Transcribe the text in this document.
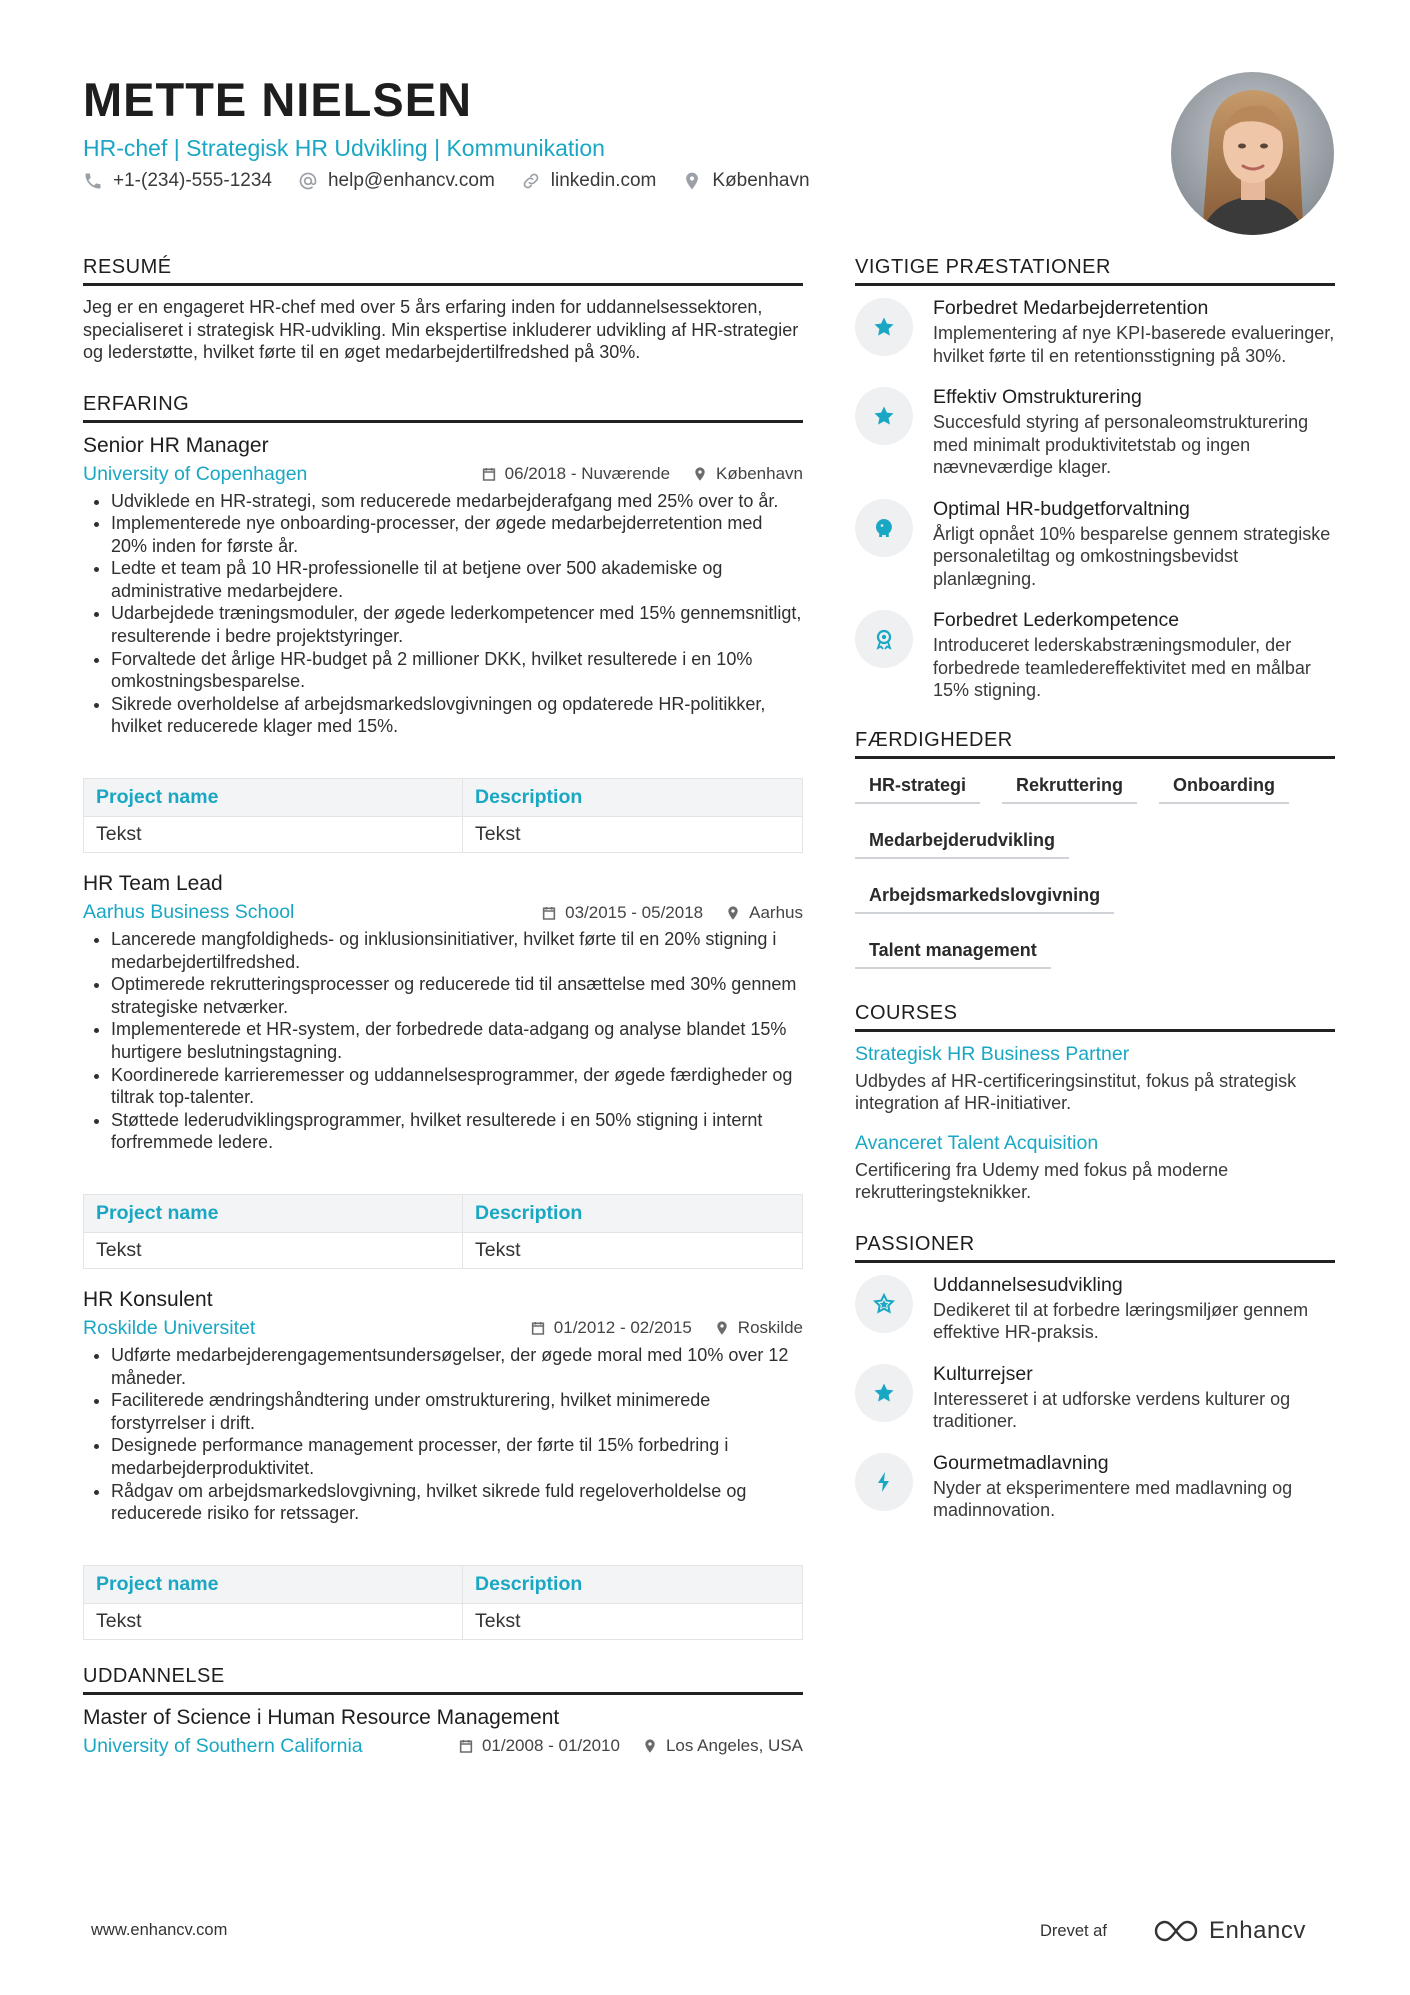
METTE NIELSEN
HR-chef | Strategisk HR Udvikling | Kommunikation
+1-(234)-555-1234	help@enhancv.com	linkedin.com	København
RESUMÉ

Jeg er en engageret HR-chef med over 5 års erfaring inden for uddannelsessektoren, specialiseret i strategisk HR-udvikling. Min ekspertise inkluderer udvikling af HR-strategier og lederstøtte, hvilket førte til en øget medarbejdertilfredshed på 30%.

ERFARING
Senior HR Manager
University of Copenhagen	06/2018 - Nuværende	København
• Udviklede en HR-strategi, som reducerede medarbejderafgang med 25% over to år.
• Implementerede nye onboarding-processer, der øgede medarbejderretention med 20% inden for første år.
• Ledte et team på 10 HR-professionelle til at betjene over 500 akademiske og administrative medarbejdere.
• Udarbejdede træningsmoduler, der øgede lederkompetencer med 15% gennemsnitligt, resulterende i bedre projektstyringer.
• Forvaltede det årlige HR-budget på 2 millioner DKK, hvilket resulterede i en 10% omkostningsbesparelse.
• Sikrede overholdelse af arbejdsmarkedslovgivningen og opdaterede HR-politikker, hvilket reducerede klager med 15%.
Project name	Description
Tekst	Tekst
HR Team Lead
Aarhus Business School	03/2015 - 05/2018	Aarhus
• Lancerede mangfoldigheds- og inklusionsinitiativer, hvilket førte til en 20% stigning i medarbejdertilfredshed.
• Optimerede rekrutteringsprocesser og reducerede tid til ansættelse med 30% gennem strategiske netværker.
• Implementerede et HR-system, der forbedrede data-adgang og analyse blandet 15% hurtigere beslutningstagning.
• Koordinerede karrieremesser og uddannelsesprogrammer, der øgede færdigheder og tiltrak top-talenter.
• Støttede lederudviklingsprogrammer, hvilket resulterede i en 50% stigning i internt forfremmede ledere.
Project name	Description
Tekst	Tekst
HR Konsulent
Roskilde Universitet	01/2012 - 02/2015	Roskilde
• Udførte medarbejderengagementsundersøgelser, der øgede moral med 10% over 12 måneder.
• Faciliterede ændringshåndtering under omstrukturering, hvilket minimerede forstyrrelser i drift.
• Designede performance management processer, der førte til 15% forbedring i medarbejderproduktivitet.
• Rådgav om arbejdsmarkedslovgivning, hvilket sikrede fuld regeloverholdelse og reducerede risiko for retssager.
Project name	Description
Tekst	Tekst
UDDANNELSE
Master of Science i Human Resource Management
University of Southern California	01/2008 - 01/2010	Los Angeles, USA
VIGTIGE PRÆSTATIONER
Forbedret Medarbejderretention
Implementering af nye KPI-baserede evalueringer, hvilket førte til en retentionsstigning på 30%.
Effektiv Omstrukturering
Succesfuld styring af personaleomstrukturering med minimalt produktivitetstab og ingen nævneværdige klager.
Optimal HR-budgetforvaltning
Årligt opnået 10% besparelse gennem strategiske personaletiltag og omkostningsbevidst planlægning.
Forbedret Lederkompetence
Introduceret lederskabstræningsmoduler, der forbedrede teamledereffektivitet med en målbar 15% stigning.
FÆRDIGHEDER
HR-strategi	Rekruttering	Onboarding
Medarbejderudvikling
Arbejdsmarkedslovgivning
Talent management
COURSES
Strategisk HR Business Partner
Udbydes af HR-certificeringsinstitut, fokus på strategisk integration af HR-initiativer.
Avanceret Talent Acquisition
Certificering fra Udemy med fokus på moderne rekrutteringsteknikker.
PASSIONER
Uddannelsesudvikling
Dedikeret til at forbedre læringsmiljøer gennem effektive HR-praksis.
Kulturrejser
Interesseret i at udforske verdens kulturer og traditioner.
Gourmetmadlavning
Nyder at eksperimentere med madlavning og madinnovation.
www.enhancv.com	Drevet af	Enhancv
